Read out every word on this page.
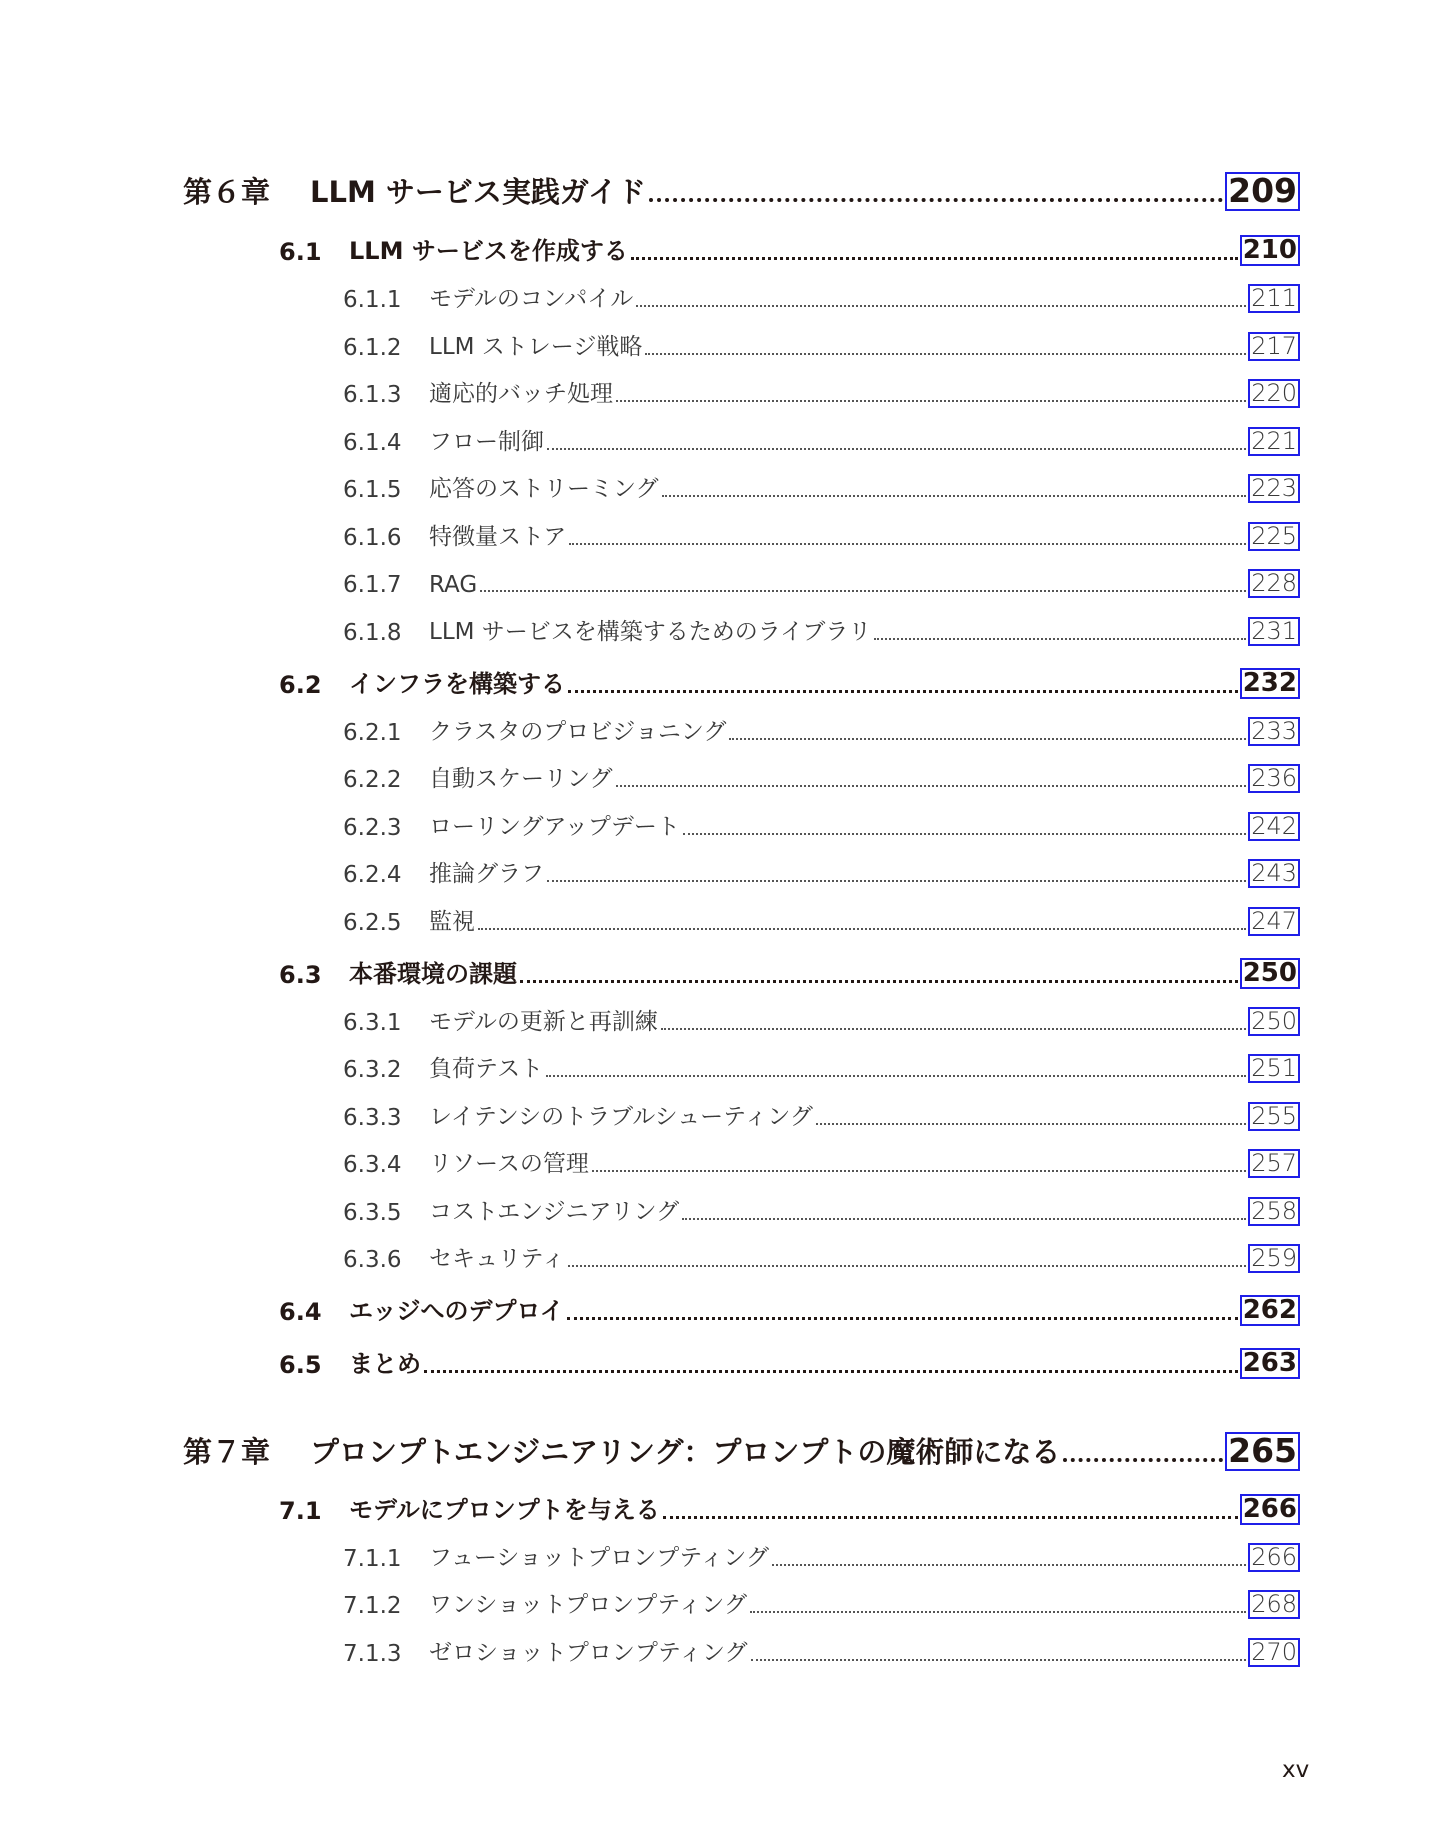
第６章	LLM サービス実践ガイド	209
6.1	LLM サービスを作成する	210
6.1.1	モデルのコンパイル	211
6.1.2	LLM ストレージ戦略	217
6.1.3	適応的バッチ処理	220
6.1.4	フロー制御	221
6.1.5	応答のストリーミング	223
6.1.6	特徴量ストア	225
6.1.7	RAG	228
6.1.8	LLM サービスを構築するためのライブラリ	231
6.2	インフラを構築する	232
6.2.1	クラスタのプロビジョニング	233
6.2.2	自動スケーリング	236
6.2.3	ローリングアップデート	242
6.2.4	推論グラフ	243
6.2.5	監視	247
6.3	本番環境の課題	250
6.3.1	モデルの更新と再訓練	250
6.3.2	負荷テスト	251
6.3.3	レイテンシのトラブルシューティング	255
6.3.4	リソースの管理	257
6.3.5	コストエンジニアリング	258
6.3.6	セキュリティ	259
6.4	エッジへのデプロイ	262
6.5	まとめ	263
第７章	プロンプトエンジニアリング：プロンプトの魔術師になる	265
7.1	モデルにプロンプトを与える	266
7.1.1	フューショットプロンプティング	266
7.1.2	ワンショットプロンプティング	268
7.1.3	ゼロショットプロンプティング	270
xv
